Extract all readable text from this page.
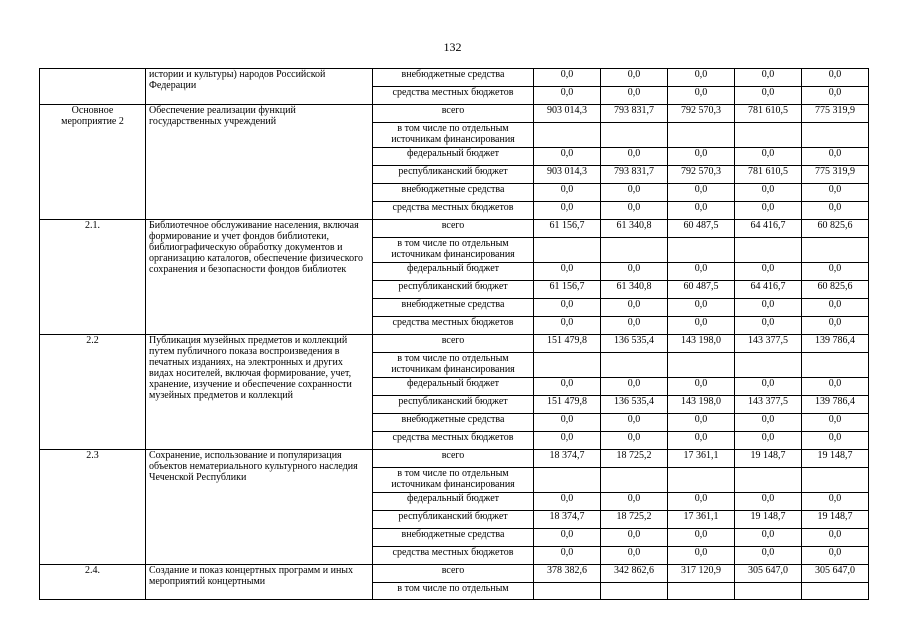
132
	истории и культуры) народов Российской Федерации	внебюджетные средства	0,0	0,0	0,0	0,0	0,0
		средства местных бюджетов	0,0	0,0	0,0	0,0	0,0
Основное мероприятие 2	Обеспечение реализации функций государственных учреждений	всего	903 014,3	793 831,7	792 570,3	781 610,5	775 319,9
		в том числе по отдельным источникам финансирования					
		федеральный бюджет	0,0	0,0	0,0	0,0	0,0
		республиканский бюджет	903 014,3	793 831,7	792 570,3	781 610,5	775 319,9
		внебюджетные средства	0,0	0,0	0,0	0,0	0,0
		средства местных бюджетов	0,0	0,0	0,0	0,0	0,0
2.1.	Библиотечное обслуживание населения, включая формирование и учет фондов библиотеки, библиографическую обработку документов и организацию каталогов, обеспечение физического сохранения и безопасности фондов библиотек	всего	61 156,7	61 340,8	60 487,5	64 416,7	60 825,6
		в том числе по отдельным источникам финансирования					
		федеральный бюджет	0,0	0,0	0,0	0,0	0,0
		республиканский бюджет	61 156,7	61 340,8	60 487,5	64 416,7	60 825,6
		внебюджетные средства	0,0	0,0	0,0	0,0	0,0
		средства местных бюджетов	0,0	0,0	0,0	0,0	0,0
2.2	Публикация музейных предметов и коллекций путем публичного показа воспроизведения в печатных изданиях, на электронных и других видах носителей, включая формирование, учет, хранение, изучение и обеспечение сохранности музейных предметов и коллекций	всего	151 479,8	136 535,4	143 198,0	143 377,5	139 786,4
		в том числе по отдельным источникам финансирования					
		федеральный бюджет	0,0	0,0	0,0	0,0	0,0
		республиканский бюджет	151 479,8	136 535,4	143 198,0	143 377,5	139 786,4
		внебюджетные средства	0,0	0,0	0,0	0,0	0,0
		средства местных бюджетов	0,0	0,0	0,0	0,0	0,0
2.3	Сохранение, использование и популяризация объектов нематериального культурного наследия Чеченской Республики	всего	18 374,7	18 725,2	17 361,1	19 148,7	19 148,7
		в том числе по отдельным источникам финансирования					
		федеральный бюджет	0,0	0,0	0,0	0,0	0,0
		республиканский бюджет	18 374,7	18 725,2	17 361,1	19 148,7	19 148,7
		внебюджетные средства	0,0	0,0	0,0	0,0	0,0
		средства местных бюджетов	0,0	0,0	0,0	0,0	0,0
2.4.	Создание и показ концертных программ и иных мероприятий концертными	всего	378 382,6	342 862,6	317 120,9	305 647,0	305 647,0
		в том числе по отдельным					
